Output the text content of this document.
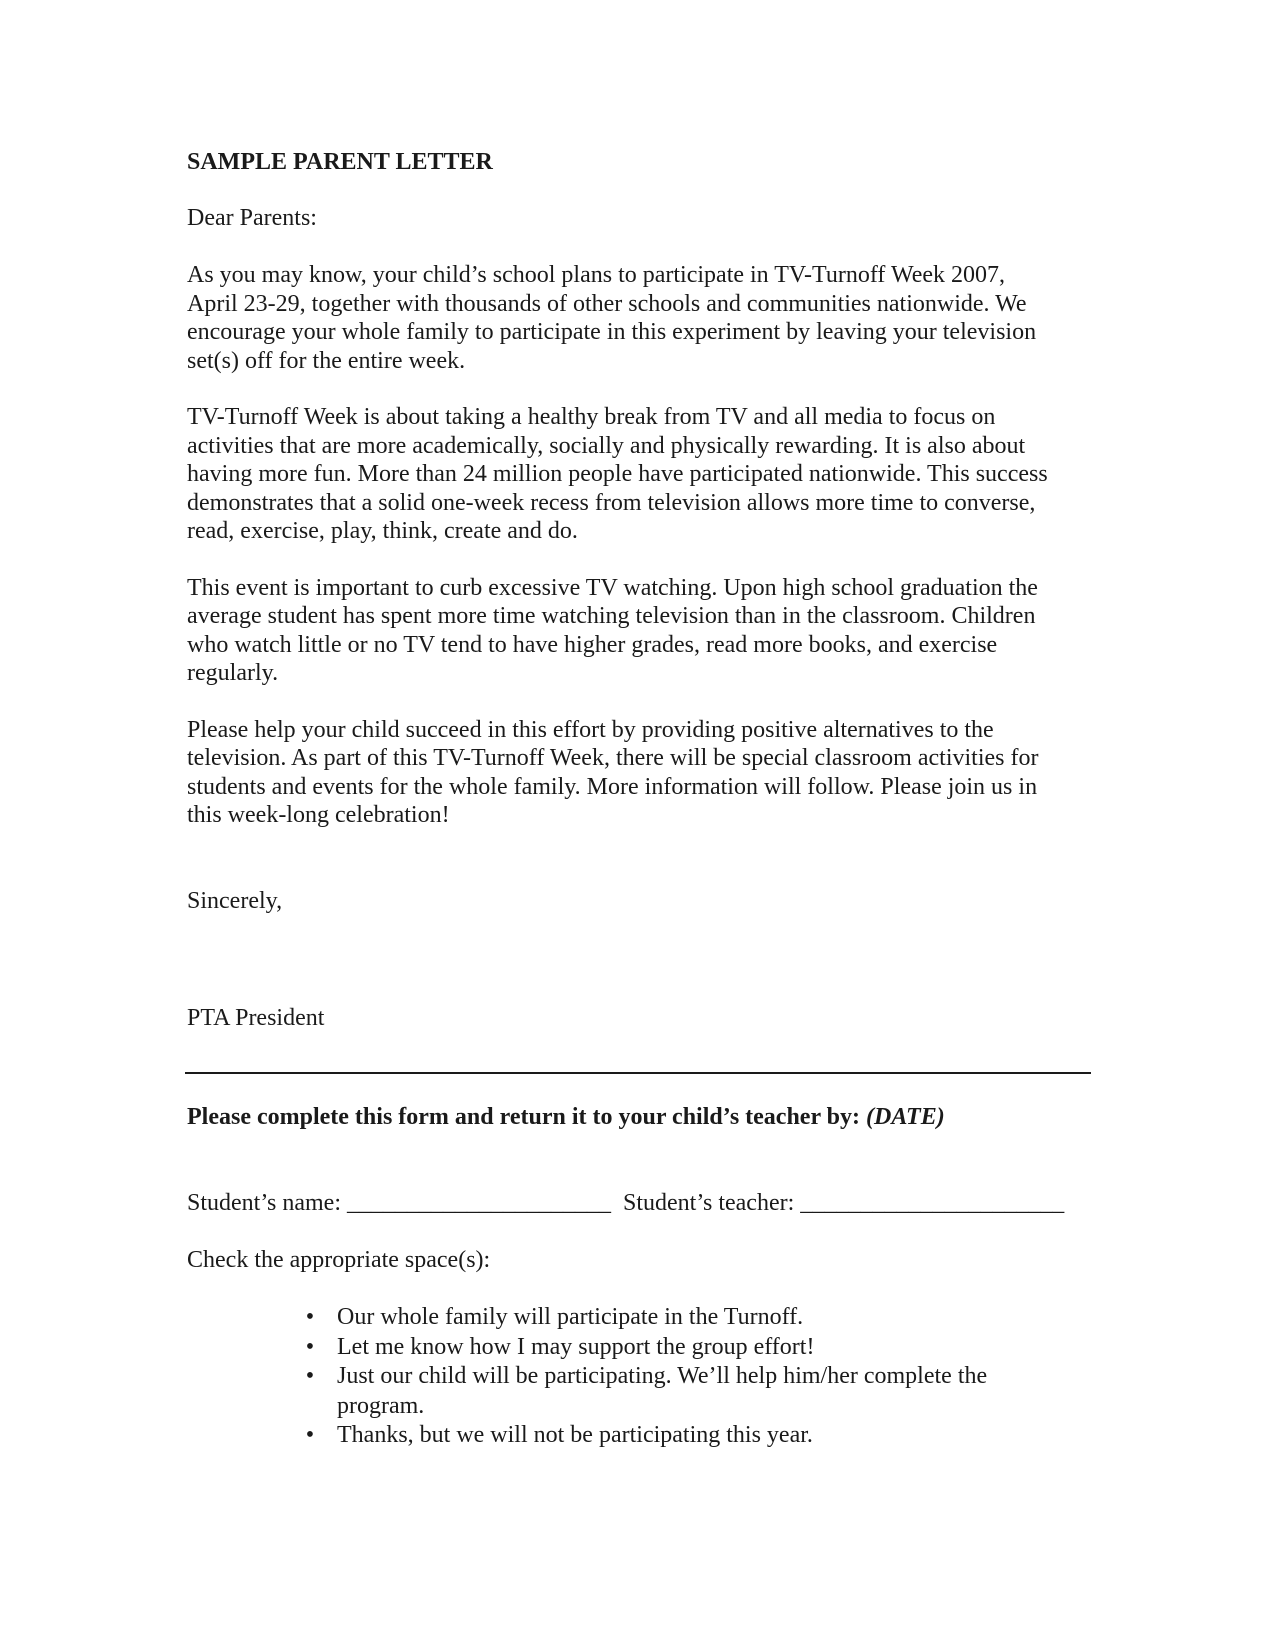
SAMPLE PARENT LETTER

Dear Parents:

As you may know, your child’s school plans to participate in TV-Turnoff Week 2007,
April 23-29, together with thousands of other schools and communities nationwide. We
encourage your whole family to participate in this experiment by leaving your television
set(s) off for the entire week.

TV-Turnoff Week is about taking a healthy break from TV and all media to focus on
activities that are more academically, socially and physically rewarding. It is also about
having more fun. More than 24 million people have participated nationwide. This success
demonstrates that a solid one-week recess from television allows more time to converse,
read, exercise, play, think, create and do.

This event is important to curb excessive TV watching. Upon high school graduation the
average student has spent more time watching television than in the classroom. Children
who watch little or no TV tend to have higher grades, read more books, and exercise
regularly.

Please help your child succeed in this effort by providing positive alternatives to the
television. As part of this TV-Turnoff Week, there will be special classroom activities for
students and events for the whole family. More information will follow. Please join us in
this week-long celebration!

Sincerely,

PTA President

Please complete this form and return it to your child’s teacher by: (DATE)
Student’s name: ______________________ Student’s teacher: ______________________
Check the appropriate space(s):
• Our whole family will participate in the Turnoff.
• Let me know how I may support the group effort!
• Just our child will be participating. We’ll help him/her complete the program.
• Thanks, but we will not be participating this year.
